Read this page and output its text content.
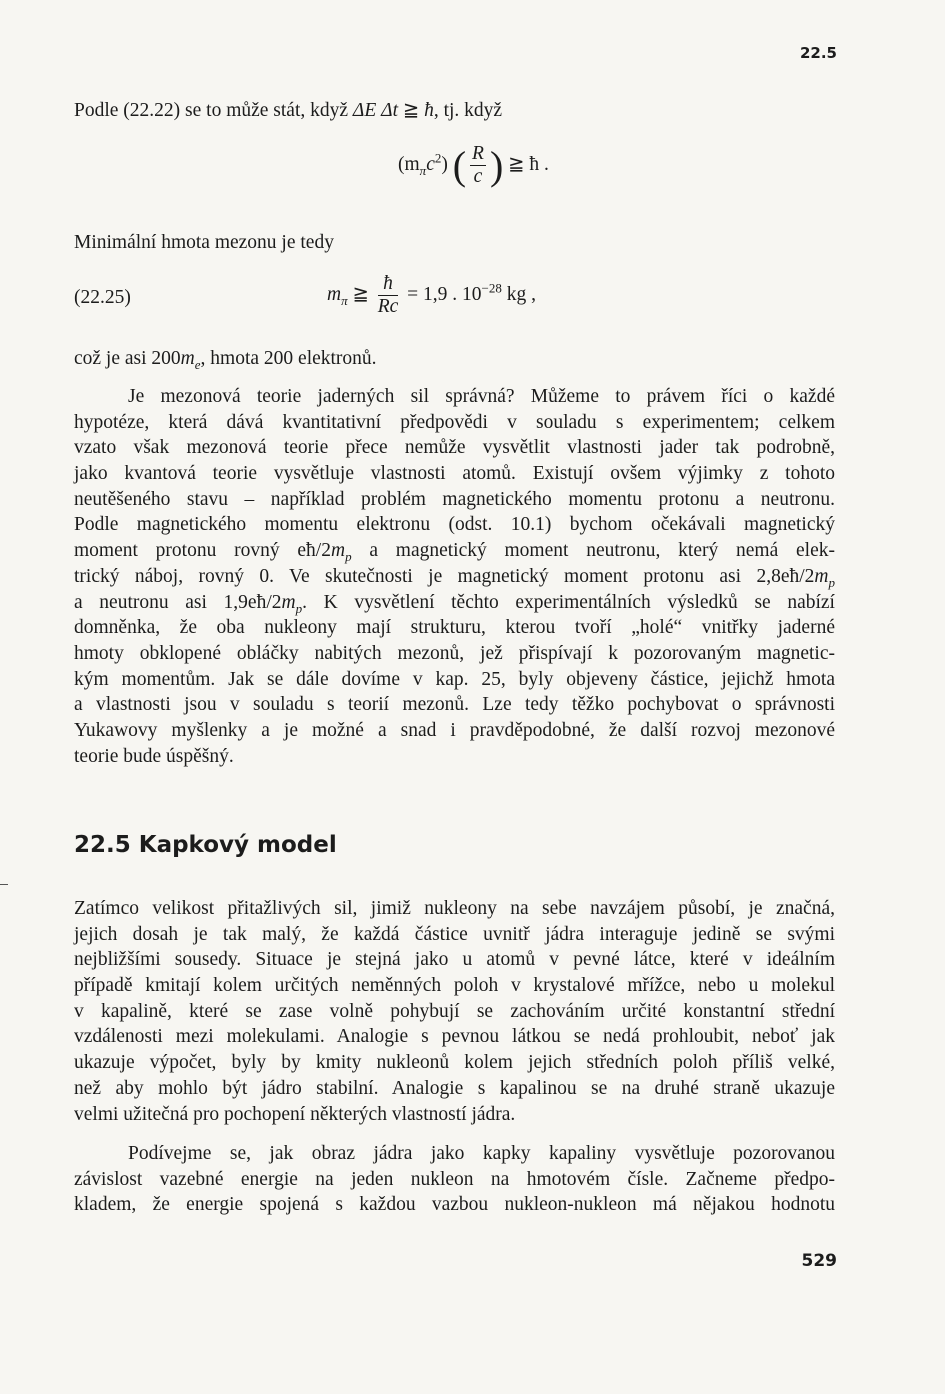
22.5
Podle (22.22) se to může stát, když ΔE Δt ≧ ħ, tj. když
$(m_\pi c^2)$ ( $\frac{R}{c}$ ) ≧ ħ .
Minimální hmota mezonu je tedy
(22.25)	$m_\pi$ ≧ $\frac{ħ}{Rc} = 1,9$ . $10^{-28}$ kg ,
což je asi $200m_e$, hmota 200 elektronů.
Je mezonová teorie jaderných sil správná? Můžeme to právem říci o každé
hypotéze, která dává kvantitativní předpovědi v souladu s experimentem; celkem
vzato však mezonová teorie přece nemůže vysvětlit vlastnosti jader tak podrobně,
jako kvantová teorie vysvětluje vlastnosti atomů. Existují ovšem výjimky z tohoto
neutěšeného stavu – například problém magnetického momentu protonu a neutronu.
Podle magnetického momentu elektronu (odst. 10.1) bychom očekávali magnetický
moment protonu rovný $eħ/2m_p$ a magnetický moment neutronu, který nemá elek-
trický náboj, rovný 0. Ve skutečnosti je magnetický moment protonu asi $2,8eħ/2m_p$
a neutronu asi $1,9eħ/2m_p$. K vysvětlení těchto experimentálních výsledků se nabízí
domněnka, že oba nukleony mají strukturu, kterou tvoří „holé“ vnitřky jaderné
hmoty obklopené obláčky nabitých mezonů, jež přispívají k pozorovaným magnetic-
kým momentům. Jak se dále dovíme v kap. 25, byly objeveny částice, jejichž hmota
a vlastnosti jsou v souladu s teorií mezonů. Lze tedy těžko pochybovat o správnosti
Yukawovy myšlenky a je možné a snad i pravděpodobné, že další rozvoj mezonové
teorie bude úspěšný.
22.5 Kapkový model
Zatímco velikost přitažlivých sil, jimiž nukleony na sebe navzájem působí, je značná,
jejich dosah je tak malý, že každá částice uvnitř jádra interaguje jedině se svými
nejbližšími sousedy. Situace je stejná jako u atomů v pevné látce, které v ideálním
případě kmitají kolem určitých neměnných poloh v krystalové mřížce, nebo u molekul
v kapalině, které se zase volně pohybují se zachováním určité konstantní střední
vzdálenosti mezi molekulami. Analogie s pevnou látkou se nedá prohloubit, neboť jak
ukazuje výpočet, byly by kmity nukleonů kolem jejich středních poloh příliš velké,
než aby mohlo být jádro stabilní. Analogie s kapalinou se na druhé straně ukazuje
velmi užitečná pro pochopení některých vlastností jádra.
Podívejme se, jak obraz jádra jako kapky kapaliny vysvětluje pozorovanou
závislost vazebné energie na jeden nukleon na hmotovém čísle. Začneme předpo-
kladem, že energie spojená s každou vazbou nukleon-nukleon má nějakou hodnotu
529
